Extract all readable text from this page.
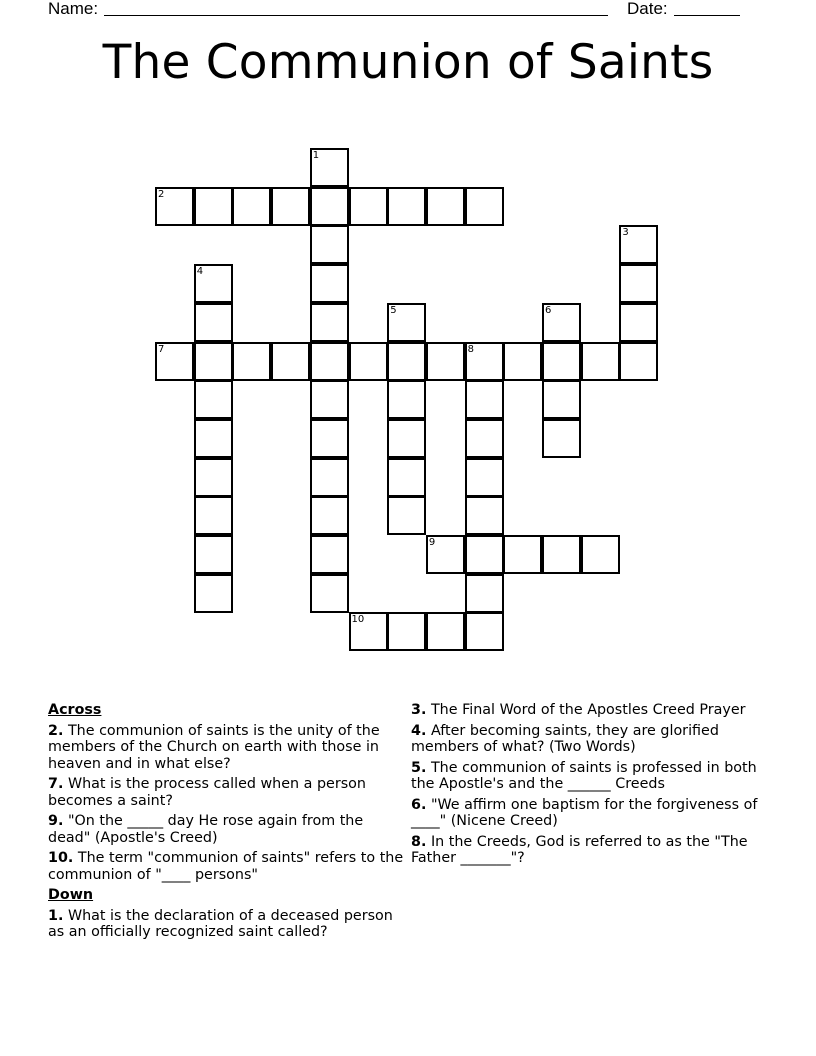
Name:	Date:
The Communion of Saints
2
7	8
9
10
1
3
4
5	6
Across
2. The communion of saints is the unity of the members of the Church on earth with those in heaven and in what else?
7. What is the process called when a person becomes a saint?
9. "On the _____ day He rose again from the dead" (Apostle's Creed)
10. The term "communion of saints" refers to the communion of "____ persons"
Down
1. What is the declaration of a deceased person as an officially recognized saint called?
3. The Final Word of the Apostles Creed Prayer
4. After becoming saints, they are glorified members of what? (Two Words)
5. The communion of saints is professed in both the Apostle's and the ______ Creeds
6. "We affirm one baptism for the forgiveness of ____" (Nicene Creed)
8. In the Creeds, God is referred to as the "The Father _______"?
